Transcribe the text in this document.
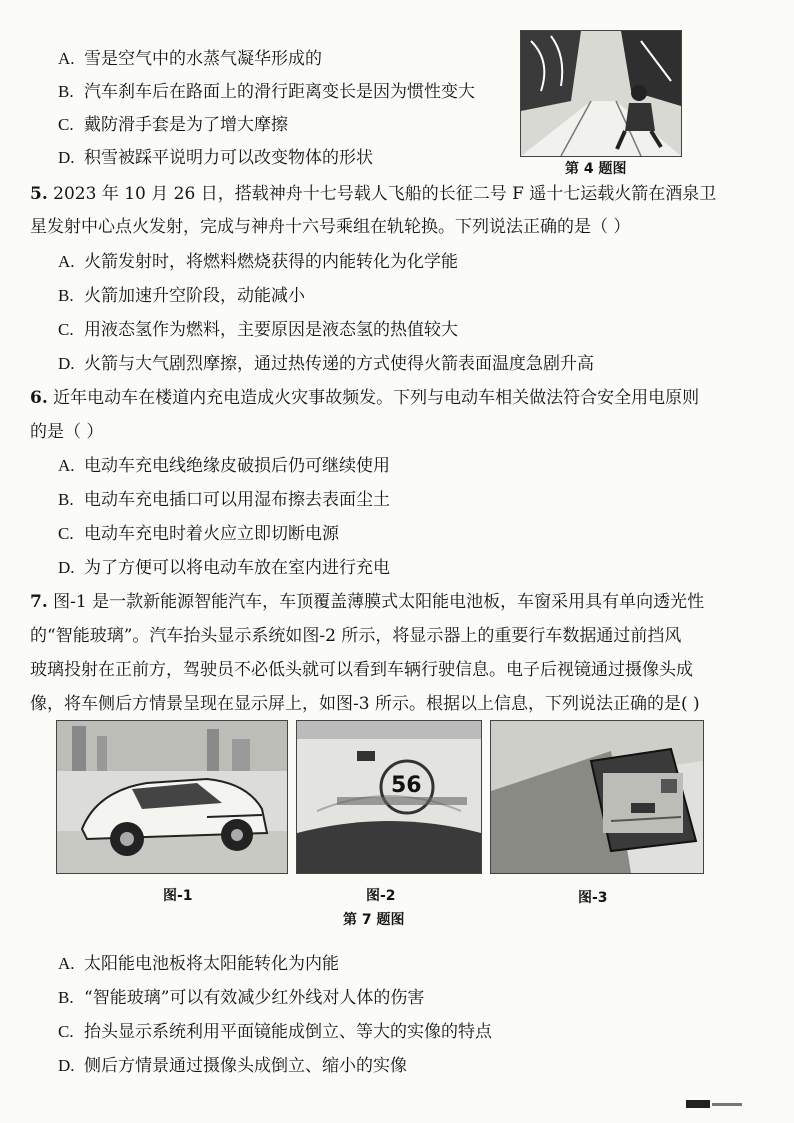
A. 雪是空气中的水蒸气凝华形成的
B. 汽车刹车后在路面上的滑行距离变长是因为惯性变大
C. 戴防滑手套是为了增大摩擦
D. 积雪被踩平说明力可以改变物体的形状
第 4 题图
5. 2023 年 10 月 26 日，搭载神舟十七号载人飞船的长征二号 F 遥十七运载火箭在酒泉卫
星发射中心点火发射，完成与神舟十六号乘组在轨轮换。下列说法正确的是（ ）
A. 火箭发射时，将燃料燃烧获得的内能转化为化学能
B. 火箭加速升空阶段，动能减小
C. 用液态氢作为燃料，主要原因是液态氢的热值较大
D. 火箭与大气剧烈摩擦，通过热传递的方式使得火箭表面温度急剧升高
6. 近年电动车在楼道内充电造成火灾事故频发。下列与电动车相关做法符合安全用电原则
的是（ ）
A. 电动车充电线绝缘皮破损后仍可继续使用
B. 电动车充电插口可以用湿布擦去表面尘土
C. 电动车充电时着火应立即切断电源
D. 为了方便可以将电动车放在室内进行充电
7. 图-1 是一款新能源智能汽车，车顶覆盖薄膜式太阳能电池板，车窗采用具有单向透光性
的“智能玻璃”。汽车抬头显示系统如图-2 所示，将显示器上的重要行车数据通过前挡风
玻璃投射在正前方，驾驶员不必低头就可以看到车辆行驶信息。电子后视镜通过摄像头成
像，将车侧后方情景呈现在显示屏上，如图-3 所示。根据以上信息，下列说法正确的是( )
56
图-1	图-2	图-3
第 7 题图
A. 太阳能电池板将太阳能转化为内能
B. “智能玻璃”可以有效减少红外线对人体的伤害
C. 抬头显示系统利用平面镜能成倒立、等大的实像的特点
D. 侧后方情景通过摄像头成倒立、缩小的实像
